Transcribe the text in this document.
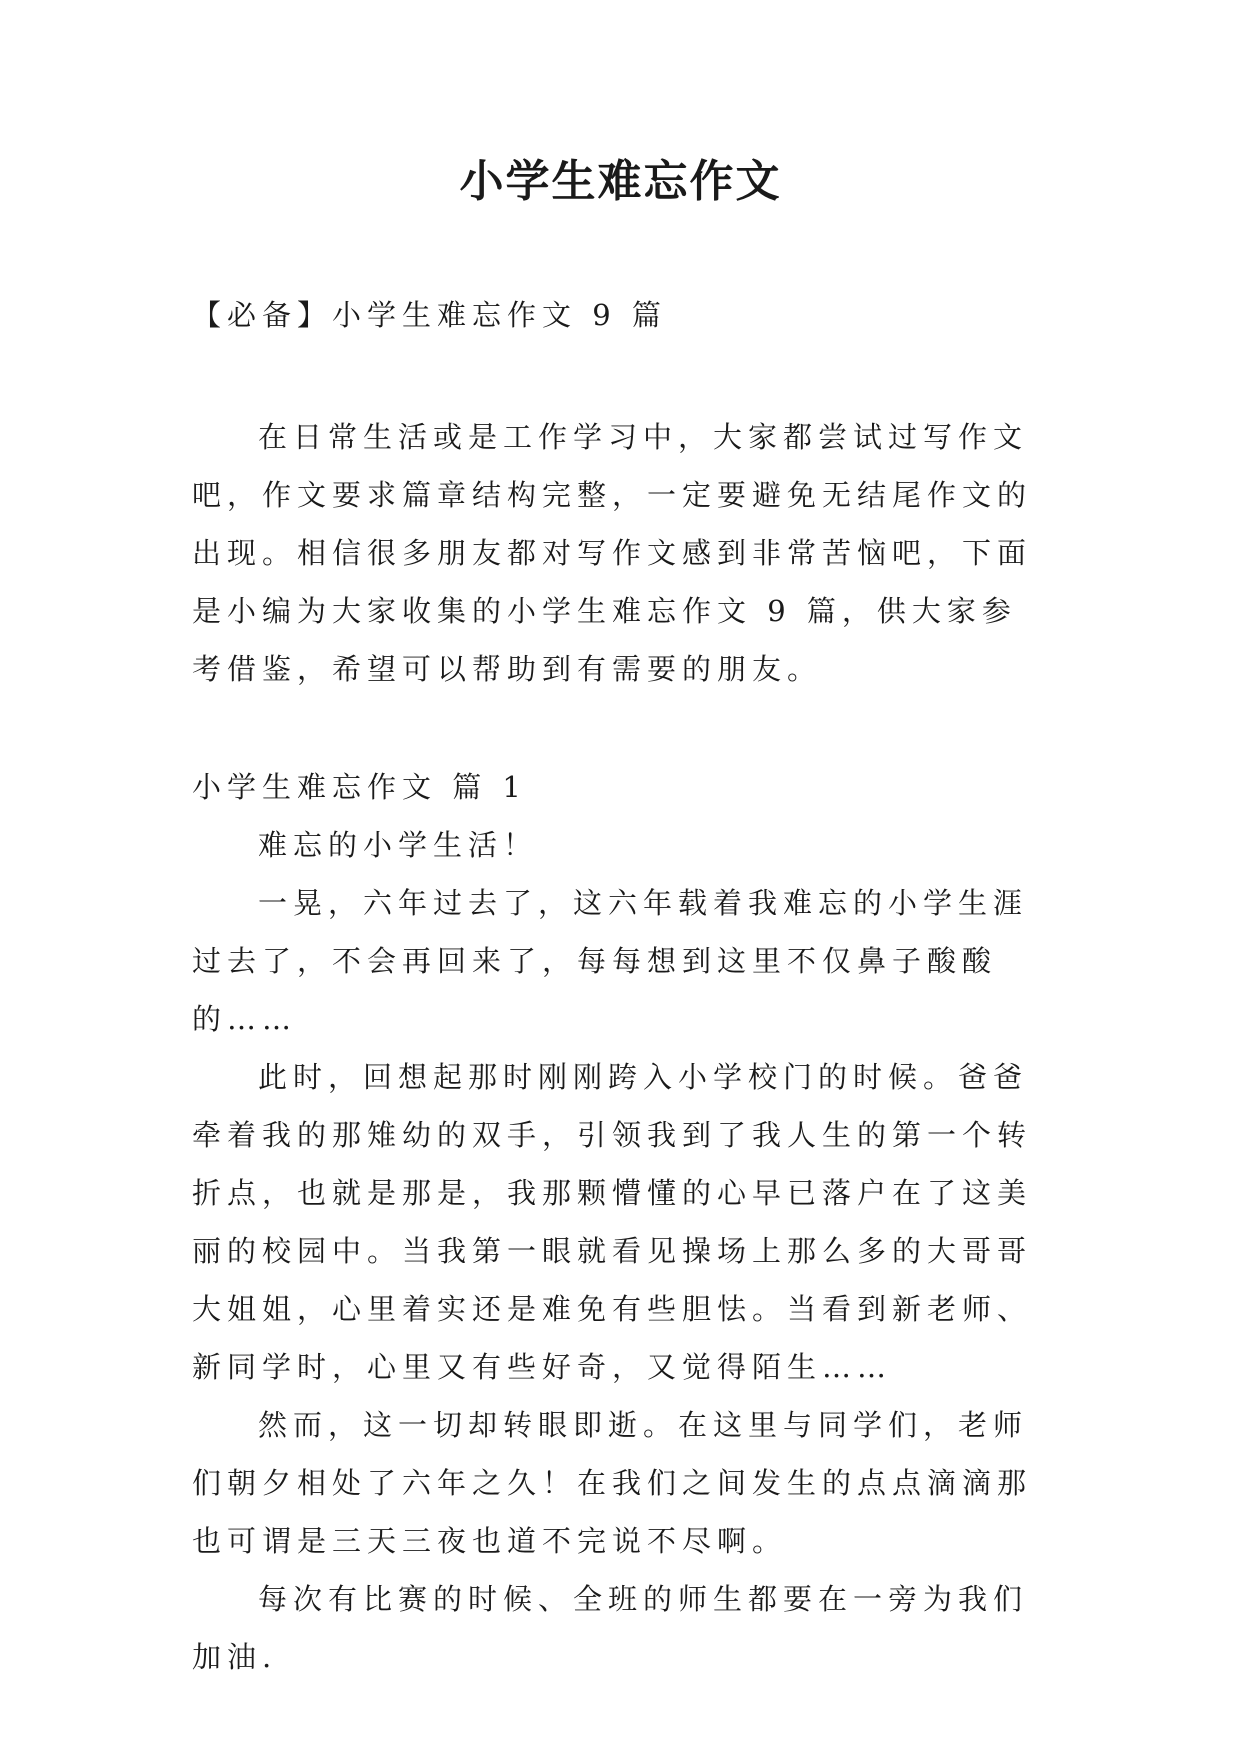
小学生难忘作文

【必备】小学生难忘作文 9 篇

在日常生活或是工作学习中，大家都尝试过写作文吧，作文要求篇章结构完整，一定要避免无结尾作文的出现。相信很多朋友都对写作文感到非常苦恼吧，下面是小编为大家收集的小学生难忘作文 9 篇，供大家参考借鉴，希望可以帮助到有需要的朋友。

小学生难忘作文 篇 1

难忘的小学生活！

一晃，六年过去了，这六年载着我难忘的小学生涯过去了，不会再回来了，每每想到这里不仅鼻子酸酸的……

此时，回想起那时刚刚跨入小学校门的时候。爸爸牵着我的那雉幼的双手，引领我到了我人生的第一个转折点，也就是那是，我那颗懵懂的心早已落户在了这美丽的校园中。当我第一眼就看见操场上那么多的大哥哥大姐姐，心里着实还是难免有些胆怯。当看到新老师、新同学时，心里又有些好奇，又觉得陌生……

然而，这一切却转眼即逝。在这里与同学们，老师们朝夕相处了六年之久！在我们之间发生的点点滴滴那也可谓是三天三夜也道不完说不尽啊。

每次有比赛的时候、全班的师生都要在一旁为我们加油.
